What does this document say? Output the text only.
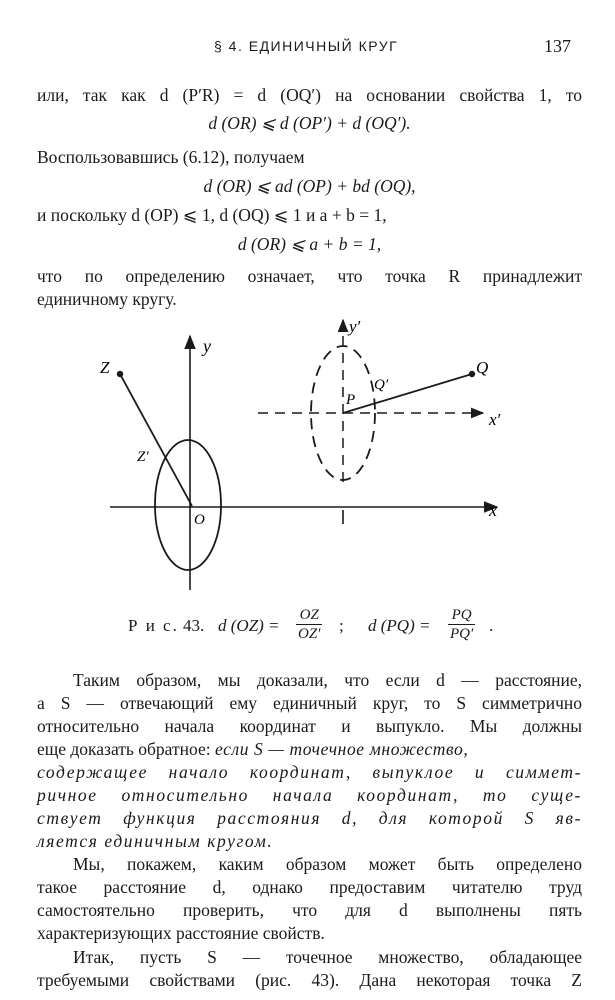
§ 4. ЕДИНИЧНЫЙ КРУГ	137
или, так как d (P′R) = d (OQ′) на основании свойства 1, то
d (OR) ⩽ d (OP′) + d (OQ′).
Воспользовавшись (6.12), получаем
d (OR) ⩽ ad (OP) + bd (OQ),
и поскольку d (OP) ⩽ 1, d (OQ) ⩽ 1 и a + b = 1,
d (OR) ⩽ a + b = 1,
что по определению означает, что точка R принадлежит
единичному кругу.
Z
Z′
y
O	x
y′
P
Q′
Q
x′
Р и с. 43. d $(OZ) = \frac{OZ}{OZ'}$ ; d $(PQ) = \frac{PQ}{PQ'}$ .
Таким образом, мы доказали, что если d — расстояние,
а S — отвечающий ему единичный круг, то S симметрично
относительно начала координат и выпукло. Мы должны
еще доказать обратное: если S — точечное множество,
содержащее начало координат, выпуклое и симмет-
ричное относительно начала координат, то суще-
ствует функция расстояния d, для которой S яв-
ляется единичным кругом.
Мы, покажем, каким образом может быть определено
такое расстояние d, однако предоставим читателю труд
самостоятельно проверить, что для d выполнены пять
характеризующих расстояние свойств.
Итак, пусть S — точечное множество, обладающее
требуемыми свойствами (рис. 43). Дана некоторая точка Z
